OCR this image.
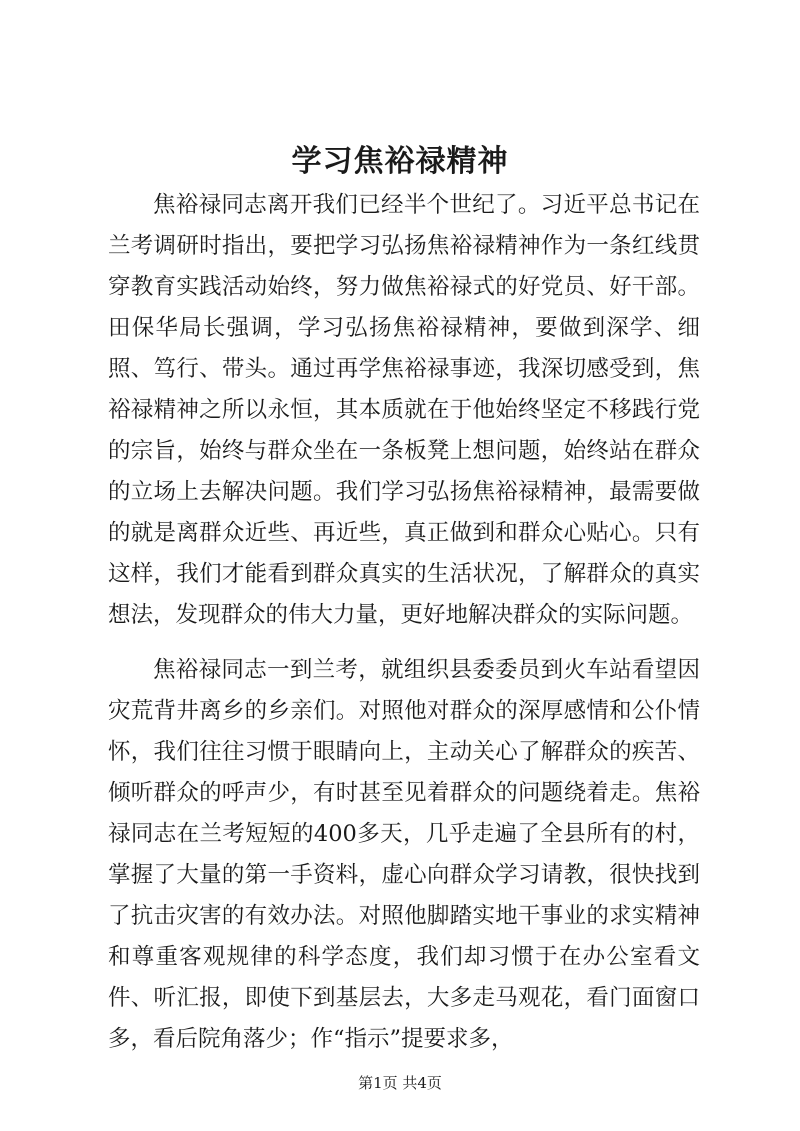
学习焦裕禄精神

焦裕禄同志离开我们已经半个世纪了。习近平总书记在兰考调研时指出，要把学习弘扬焦裕禄精神作为一条红线贯穿教育实践活动始终，努力做焦裕禄式的好党员、好干部。田保华局长强调，学习弘扬焦裕禄精神，要做到深学、细照、笃行、带头。通过再学焦裕禄事迹，我深切感受到，焦裕禄精神之所以永恒，其本质就在于他始终坚定不移践行党的宗旨，始终与群众坐在一条板凳上想问题，始终站在群众的立场上去解决问题。我们学习弘扬焦裕禄精神，最需要做的就是离群众近些、再近些，真正做到和群众心贴心。只有这样，我们才能看到群众真实的生活状况，了解群众的真实想法，发现群众的伟大力量，更好地解决群众的实际问题。

焦裕禄同志一到兰考，就组织县委委员到火车站看望因灾荒背井离乡的乡亲们。对照他对群众的深厚感情和公仆情怀，我们往往习惯于眼睛向上，主动关心了解群众的疾苦、倾听群众的呼声少，有时甚至见着群众的问题绕着走。焦裕禄同志在兰考短短的400多天，几乎走遍了全县所有的村，掌握了大量的第一手资料，虚心向群众学习请教，很快找到了抗击灾害的有效办法。对照他脚踏实地干事业的求实精神和尊重客观规律的科学态度，我们却习惯于在办公室看文件、听汇报，即使下到基层去，大多走马观花，看门面窗口多，看后院角落少；作“指示”提要求多，

第1页 共4页
